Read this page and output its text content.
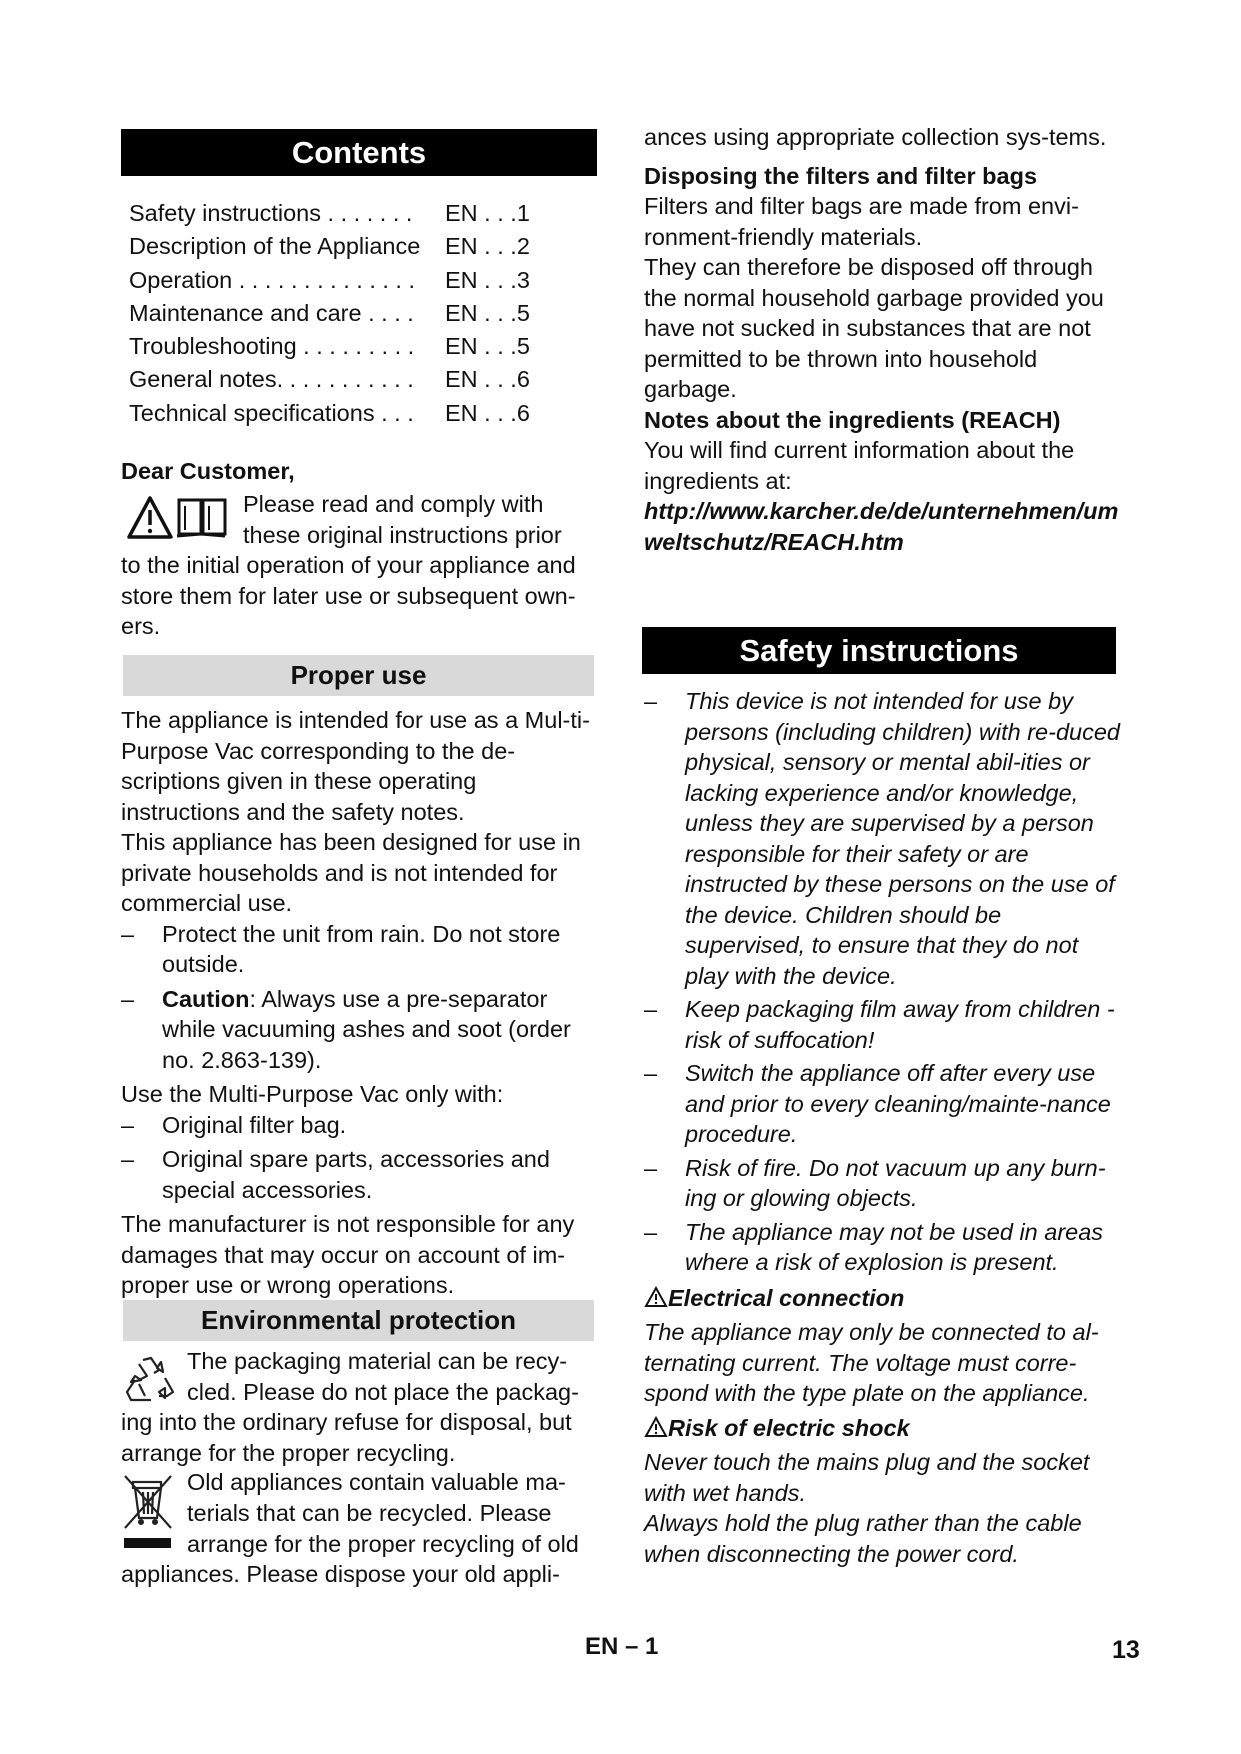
Contents
Safety instructions . . . . . . . EN . . .1
Description of the Appliance EN . . .2
Operation . . . . . . . . . . . . . . EN . . .3
Maintenance and care . . . . EN . . .5
Troubleshooting . . . . . . . . . EN . . .5
General notes. . . . . . . . . . . EN . . .6
Technical specifications . . . EN . . .6
Dear Customer,
Please read and comply with
these original instructions prior
to the initial operation of your appliance and store them for later use or subsequent own-ers.
Proper use

The appliance is intended for use as a Mul-ti-Purpose Vac corresponding to the de-scriptions given in these operating instructions and the safety notes.

This appliance has been designed for use in private households and is not intended for commercial use.

– Protect the unit from rain. Do not store outside.
– Caution: Always use a pre-separator while vacuuming ashes and soot (order no. 2.863-139).

Use the Multi-Purpose Vac only with:

– Original filter bag.
– Original spare parts, accessories and special accessories.

The manufacturer is not responsible for any damages that may occur on account of im-proper use or wrong operations.

Environmental protection
The packaging material can be recy-
cled. Please do not place the packag-
ing into the ordinary refuse for disposal, but arrange for the proper recycling.
Old appliances contain valuable ma-
terials that can be recycled. Please
arrange for the proper recycling of old
appliances. Please dispose your old appli-

ances using appropriate collection sys-tems.

Disposing the filters and filter bags

Filters and filter bags are made from envi-ronment-friendly materials.

They can therefore be disposed off through the normal household garbage provided you have not sucked in substances that are not permitted to be thrown into household garbage.

Notes about the ingredients (REACH)

You will find current information about the ingredients at:

http://www.karcher.de/de/unternehmen/umweltschutz/REACH.htm

Safety instructions
– This device is not intended for use by persons (including children) with re-duced physical, sensory or mental abil-ities or lacking experience and/or knowledge, unless they are supervised by a person responsible for their safety or are instructed by these persons on the use of the device. Children should be supervised, to ensure that they do not play with the device.
– Keep packaging film away from children - risk of suffocation!
– Switch the appliance off after every use and prior to every cleaning/mainte-nance procedure.
– Risk of fire. Do not vacuum up any burn-ing or glowing objects.
– The appliance may not be used in areas where a risk of explosion is present.
Electrical connection

The appliance may only be connected to al-ternating current. The voltage must corre-spond with the type plate on the appliance.

Risk of electric shock

Never touch the mains plug and the socket with wet hands.

Always hold the plug rather than the cable when disconnecting the power cord.

EN – 1	13
